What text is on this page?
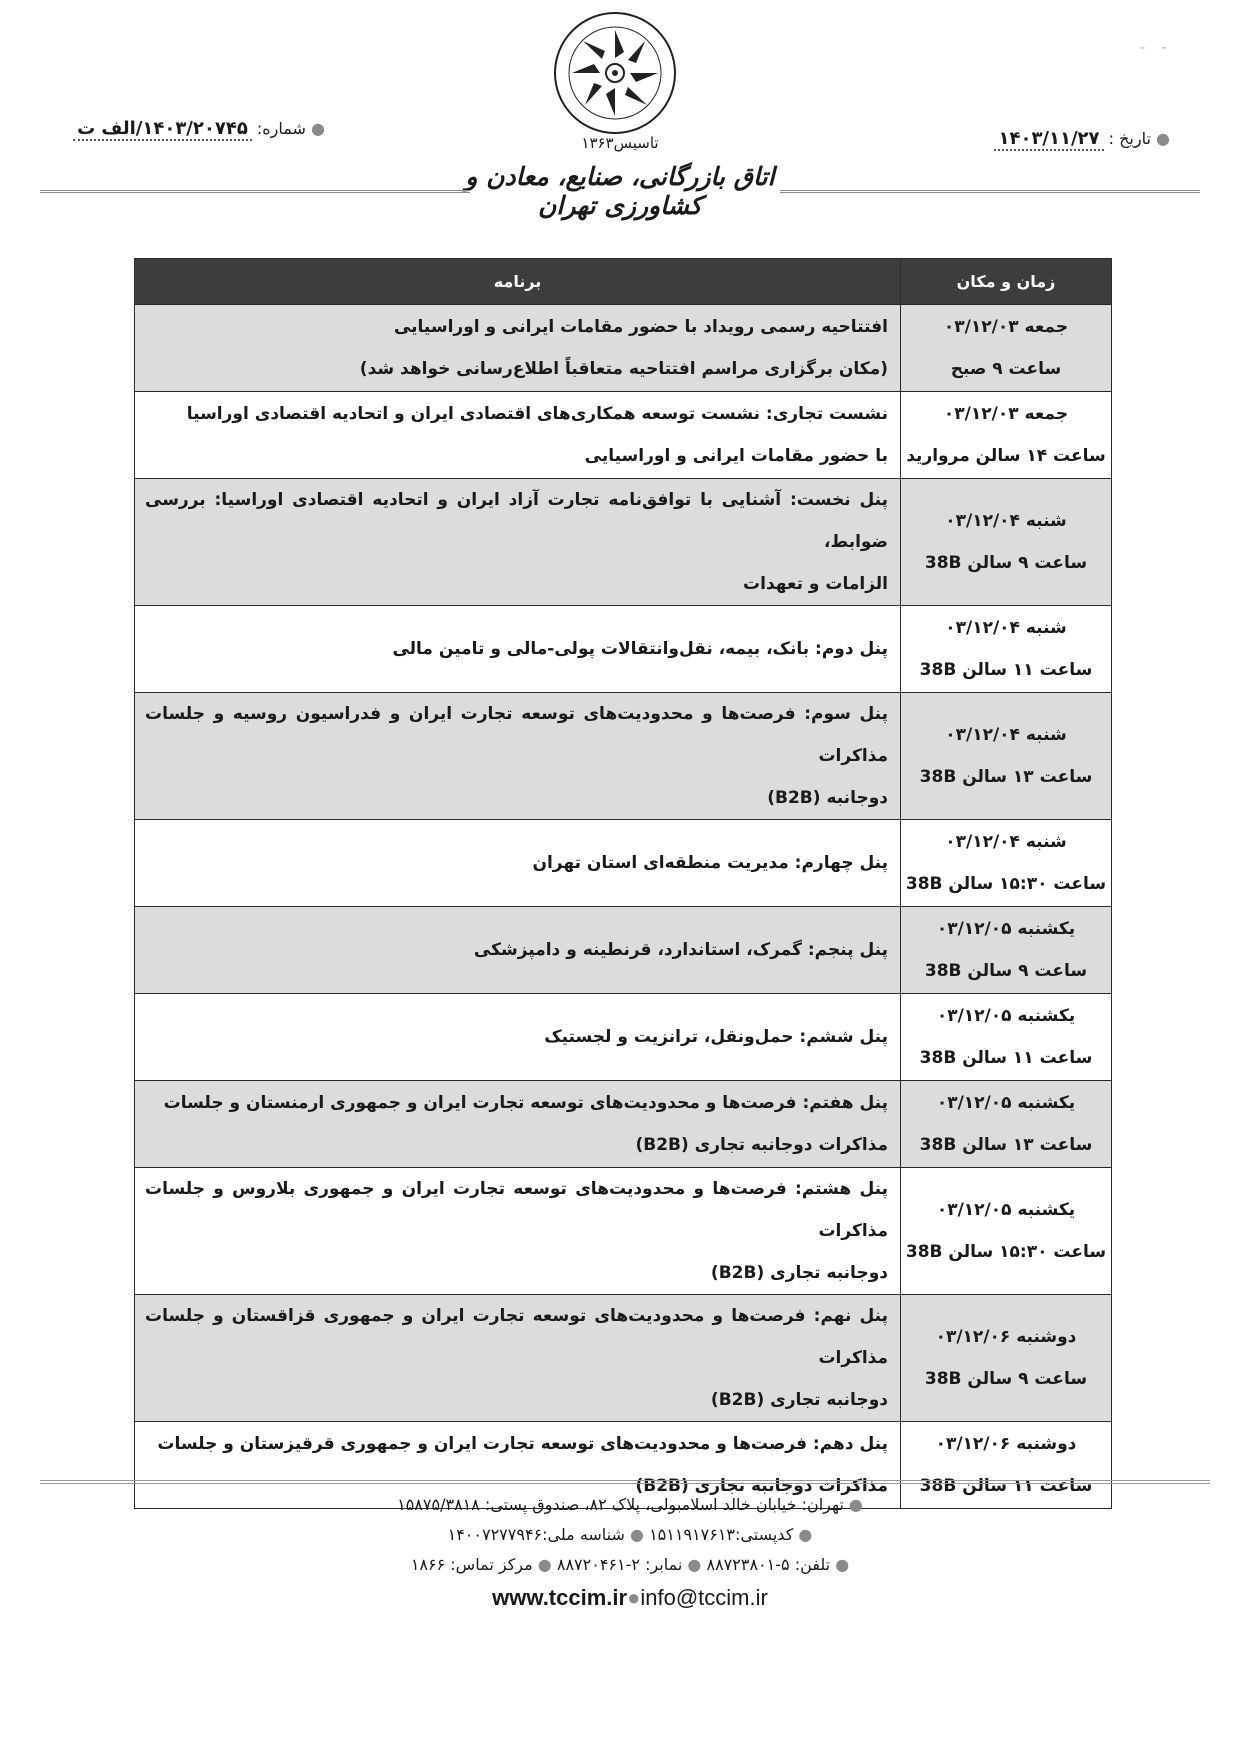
- -
تاسیس۱۳۶۳
اتاق بازرگانی، صنایع، معادن و کشاورزی تهران
● تاریخ : ۱۴۰۳/۱۱/۲۷
● شماره: ۱۴۰۳/۲۰۷۴۵/الف ت
زمان و مکان	برنامه

جمعه ۰۳/۱۲/۰۳
ساعت ۹ صبح	افتتاحیه رسمی رویداد با حضور مقامات ایرانی و اوراسیایی
(مکان برگزاری مراسم افتتاحیه متعاقباً اطلاع‌رسانی خواهد شد)

جمعه ۰۳/۱۲/۰۳
ساعت ۱۴ سالن مروارید	نشست تجاری: نشست توسعه همکاری‌های اقتصادی ایران و اتحادیه اقتصادی اوراسیا
با حضور مقامات ایرانی و اوراسیایی

شنبه ۰۳/۱۲/۰۴
ساعت ۹ سالن 38B	پنل نخست: آشنایی با توافق‌نامه تجارت آزاد ایران و اتحادیه اقتصادی اوراسیا: بررسی ضوابط،
الزامات و تعهدات

شنبه ۰۳/۱۲/۰۴
ساعت ۱۱ سالن 38B	پنل دوم: بانک، بیمه، نقل‌وانتقالات پولی-مالی و تامین مالی

شنبه ۰۳/۱۲/۰۴
ساعت ۱۳ سالن 38B	پنل سوم: فرصت‌ها و محدودیت‌های توسعه تجارت ایران و فدراسیون روسیه و جلسات مذاکرات
دوجانبه (B2B)

شنبه ۰۳/۱۲/۰۴
ساعت ۱۵:۳۰ سالن 38B	پنل چهارم: مدیریت منطقه‌ای استان تهران

یکشنبه ۰۳/۱۲/۰۵
ساعت ۹ سالن 38B	پنل پنجم: گمرک، استاندارد، قرنطینه و دامپزشکی

یکشنبه ۰۳/۱۲/۰۵
ساعت ۱۱ سالن 38B	پنل ششم: حمل‌ونقل، ترانزیت و لجستیک

یکشنبه ۰۳/۱۲/۰۵
ساعت ۱۳ سالن 38B	پنل هفتم: فرصت‌ها و محدودیت‌های توسعه تجارت ایران و جمهوری ارمنستان و جلسات
مذاکرات دوجانبه تجاری (B2B)

یکشنبه ۰۳/۱۲/۰۵
ساعت ۱۵:۳۰ سالن 38B	پنل هشتم: فرصت‌ها و محدودیت‌های توسعه تجارت ایران و جمهوری بلاروس و جلسات مذاکرات
دوجانبه تجاری (B2B)

دوشنبه ۰۳/۱۲/۰۶
ساعت ۹ سالن 38B	پنل نهم: فرصت‌ها و محدودیت‌های توسعه تجارت ایران و جمهوری قزاقستان و جلسات مذاکرات
دوجانبه تجاری (B2B)

دوشنبه ۰۳/۱۲/۰۶
ساعت ۱۱ سالن 38B	پنل دهم: فرصت‌ها و محدودیت‌های توسعه تجارت ایران و جمهوری قرقیزستان و جلسات
مذاکرات دوجانبه تجاری (B2B)
● تهران: خیابان خالد اسلامبولی، پلاک ۸۲، صندوق پستی: ۱۵۸۷۵/۳۸۱۸
● کدپستی:۱۵۱۱۹۱۷۶۱۳ ● شناسه ملی:۱۴۰۰۷۲۷۷۹۴۶
● تلفن: ۵-۸۸۷۲۳۸۰۱ ● نمابر: ۲-۸۸۷۲۰۴۶۱ ● مرکز تماس: ۱۸۶۶
www.tccim.ir●info@tccim.ir
